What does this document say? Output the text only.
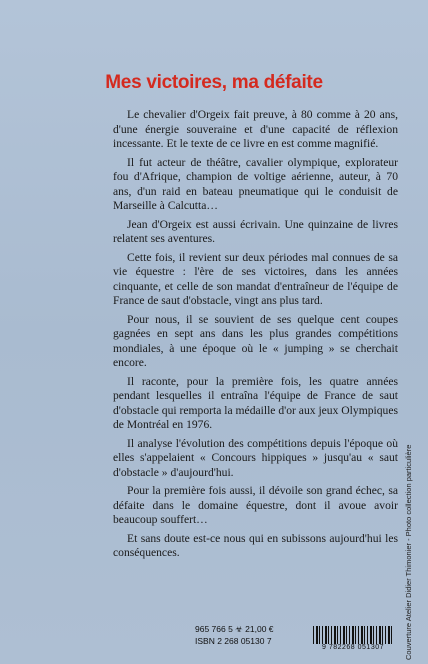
Mes victoires, ma défaite

Le chevalier d'Orgeix fait preuve, à 80 comme à 20 ans, d'une énergie souveraine et d'une capacité de réflexion incessante. Et le texte de ce livre en est comme magnifié.

Il fut acteur de théâtre, cavalier olympique, explorateur fou d'Afrique, champion de voltige aérienne, auteur, à 70 ans, d'un raid en bateau pneumatique qui le conduisit de Marseille à Calcutta…

Jean d'Orgeix est aussi écrivain. Une quinzaine de livres relatent ses aventures.

Cette fois, il revient sur deux périodes mal connues de sa vie équestre : l'ère de ses victoires, dans les années cinquante, et celle de son mandat d'entraîneur de l'équipe de France de saut d'obstacle, vingt ans plus tard.

Pour nous, il se souvient de ses quelque cent coupes gagnées en sept ans dans les plus grandes compétitions mondiales, à une époque où le « jumping » se cherchait encore.

Il raconte, pour la première fois, les quatre années pendant lesquelles il entraîna l'équipe de France de saut d'obstacle qui remporta la médaille d'or aux jeux Olympiques de Montréal en 1976.

Il analyse l'évolution des compétitions depuis l'époque où elles s'appelaient « Concours hippiques » jusqu'au « saut d'obstacle » d'aujourd'hui.

Pour la première fois aussi, il dévoile son grand échec, sa défaite dans le domaine équestre, dont il avoue avoir beaucoup souffert…

Et sans doute est-ce nous qui en subissons aujourd'hui les conséquences.

965 766 5 ☣ 21,00 €
ISBN 2 268 05130 7
9 782268 051307	Couverture Atelier Didier Thimonier - Photo collection particulière
